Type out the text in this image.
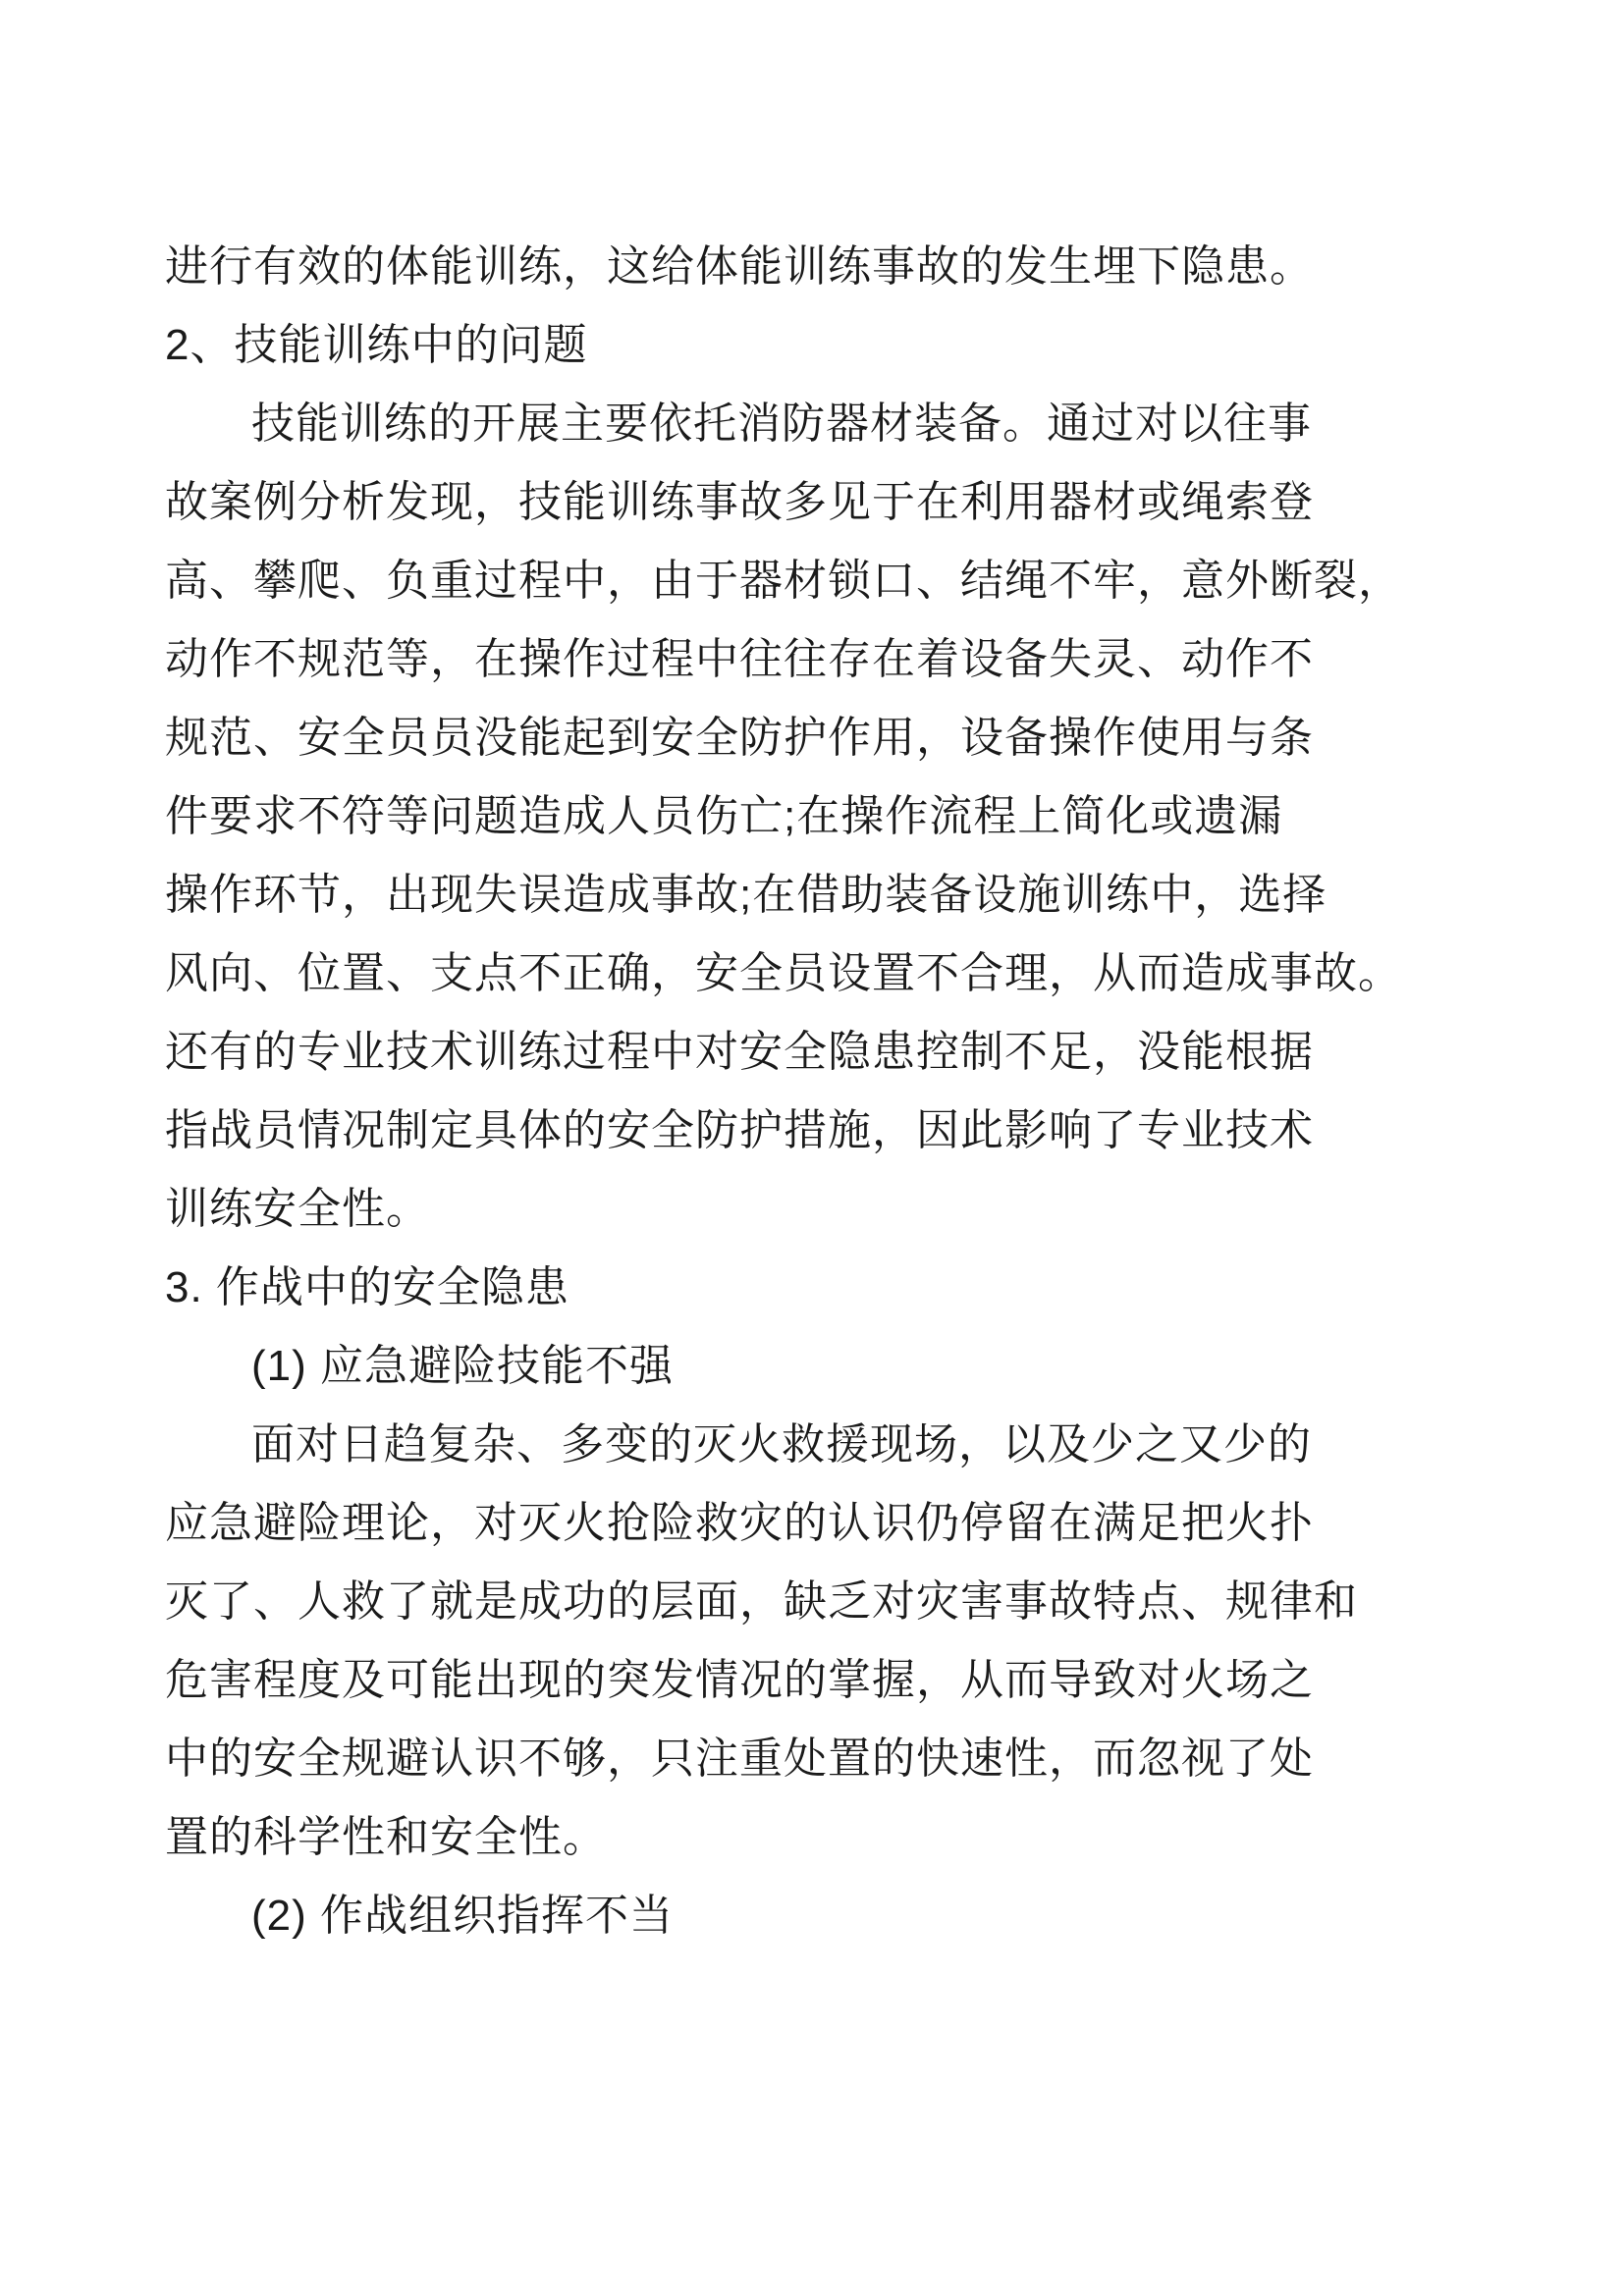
进行有效的体能训练，这给体能训练事故的发生埋下隐患。
2、技能训练中的问题
技能训练的开展主要依托消防器材装备。通过对以往事
故案例分析发现，技能训练事故多见于在利用器材或绳索登
高、攀爬、负重过程中，由于器材锁口、结绳不牢，意外断裂，
动作不规范等，在操作过程中往往存在着设备失灵、动作不
规范、安全员员没能起到安全防护作用，设备操作使用与条
件要求不符等问题造成人员伤亡;在操作流程上简化或遗漏
操作环节，出现失误造成事故;在借助装备设施训练中，选择
风向、位置、支点不正确，安全员设置不合理，从而造成事故。
还有的专业技术训练过程中对安全隐患控制不足，没能根据
指战员情况制定具体的安全防护措施，因此影响了专业技术
训练安全性。
3. 作战中的安全隐患
(1) 应急避险技能不强
面对日趋复杂、多变的灭火救援现场，以及少之又少的
应急避险理论，对灭火抢险救灾的认识仍停留在满足把火扑
灭了、人救了就是成功的层面，缺乏对灾害事故特点、规律和
危害程度及可能出现的突发情况的掌握，从而导致对火场之
中的安全规避认识不够，只注重处置的快速性，而忽视了处
置的科学性和安全性。
(2) 作战组织指挥不当
